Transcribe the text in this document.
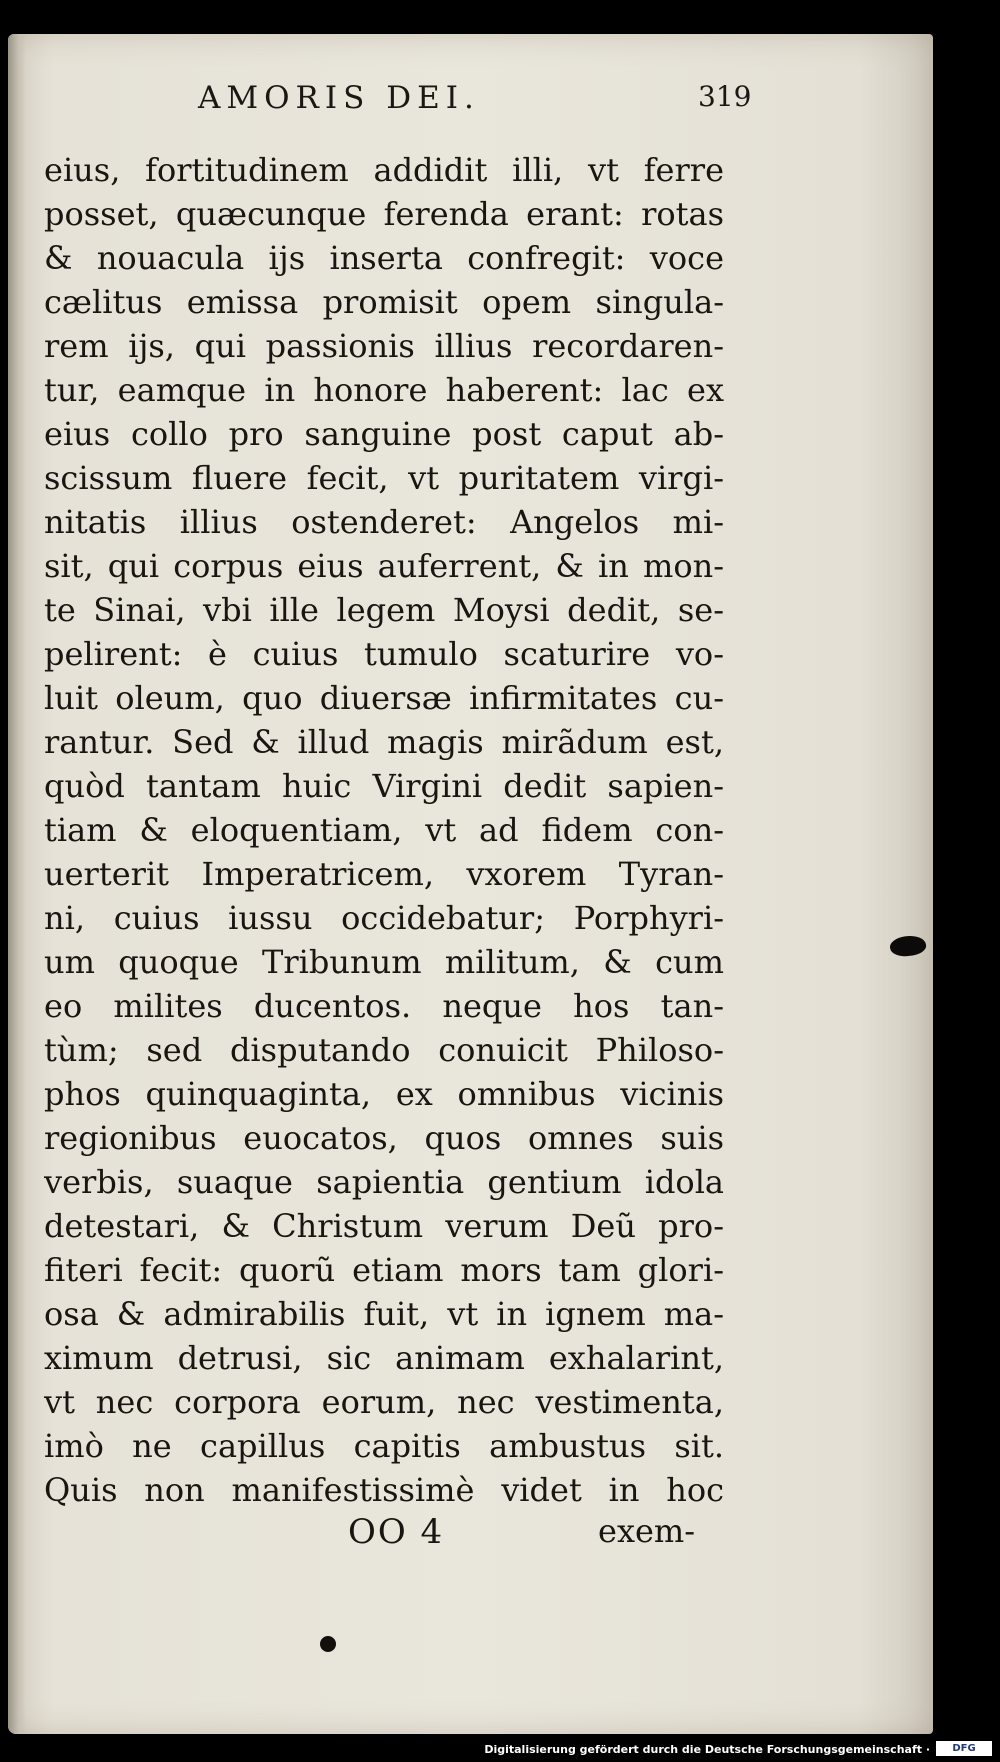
AMORIS DEI.	319
eius, fortitudinem addidit illi, vt ferre
posset, quæcunque ferenda erant: rotas
& nouacula ijs inserta confregit: voce
cælitus emissa promisit opem singula-
rem ijs, qui passionis illius recordaren-
tur, eamque in honore haberent: lac ex
eius collo pro sanguine post caput ab-
scissum fluere fecit, vt puritatem virgi-
nitatis illius ostenderet: Angelos mi-
sit, qui corpus eius auferrent, & in mon-
te Sinai, vbi ille legem Moysi dedit, se-
pelirent: è cuius tumulo scaturire vo-
luit oleum, quo diuersæ infirmitates cu-
rantur. Sed & illud magis mirãdum est,
quòd tantam huic Virgini dedit sapien-
tiam & eloquentiam, vt ad fidem con-
uerterit Imperatricem, vxorem Tyran-
ni, cuius iussu occidebatur; Porphyri-
um quoque Tribunum militum, & cum
eo milites ducentos. neque hos tan-
tùm; sed disputando conuicit Philoso-
phos quinquaginta, ex omnibus vicinis
regionibus euocatos, quos omnes suis
verbis, suaque sapientia gentium idola
detestari, & Christum verum Deũ pro-
fiteri fecit: quorũ etiam mors tam glori-
osa & admirabilis fuit, vt in ignem ma-
ximum detrusi, sic animam exhalarint,
vt nec corpora eorum, nec vestimenta,
imò ne capillus capitis ambustus sit.
Quis non manifestissimè videt in hoc
OO 4	exem-
Digitalisierung gefördert durch die Deutsche Forschungsgemeinschaft ·	DFG
